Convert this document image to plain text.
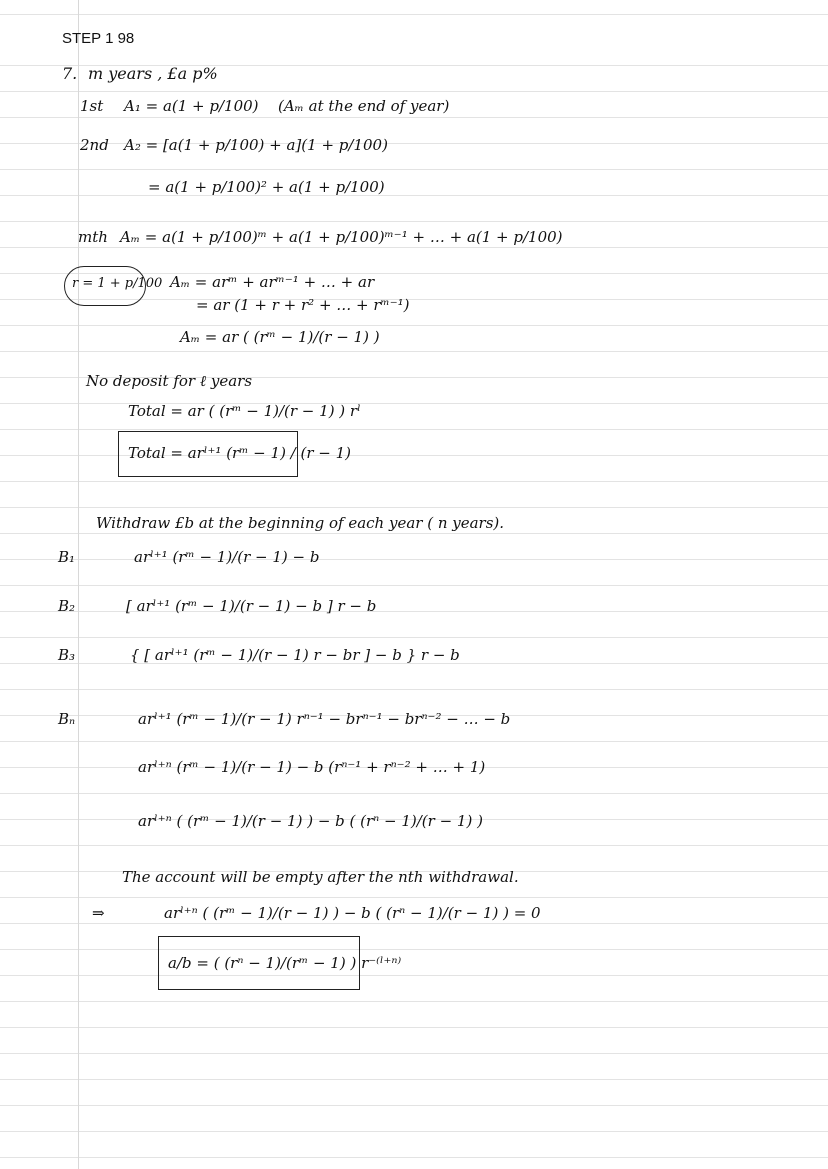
STEP 1 98
7. m years , £a p%
1st A₁ = a(1 + p/100) (Aₘ at the end of year)
2nd A₂ = [a(1 + p/100) + a](1 + p/100)
= a(1 + p/100)² + a(1 + p/100)
mth Aₘ = a(1 + p/100)ᵐ + a(1 + p/100)ᵐ⁻¹ + … + a(1 + p/100)
r = 1 + p/100 Aₘ = arᵐ + arᵐ⁻¹ + … + ar
= ar (1 + r + r² + … + rᵐ⁻¹)
Aₘ = ar ( (rᵐ − 1)/(r − 1) )
No deposit for ℓ years
Total = ar ( (rᵐ − 1)/(r − 1) ) rˡ
Total = arˡ⁺¹ (rᵐ − 1) / (r − 1)
Withdraw £b at the beginning of each year ( n years).
B₁	arˡ⁺¹ (rᵐ − 1)/(r − 1) − b
B₂	[ arˡ⁺¹ (rᵐ − 1)/(r − 1) − b ] r − b
B₃	{ [ arˡ⁺¹ (rᵐ − 1)/(r − 1) r − br ] − b } r − b
Bₙ	arˡ⁺¹ (rᵐ − 1)/(r − 1) rⁿ⁻¹ − brⁿ⁻¹ − brⁿ⁻² − … − b
arˡ⁺ⁿ (rᵐ − 1)/(r − 1) − b (rⁿ⁻¹ + rⁿ⁻² + … + 1)
arˡ⁺ⁿ ( (rᵐ − 1)/(r − 1) ) − b ( (rⁿ − 1)/(r − 1) )
The account will be empty after the nth withdrawal.
⇒	arˡ⁺ⁿ ( (rᵐ − 1)/(r − 1) ) − b ( (rⁿ − 1)/(r − 1) ) = 0
a/b = ( (rⁿ − 1)/(rᵐ − 1) ) r⁻⁽ˡ⁺ⁿ⁾
